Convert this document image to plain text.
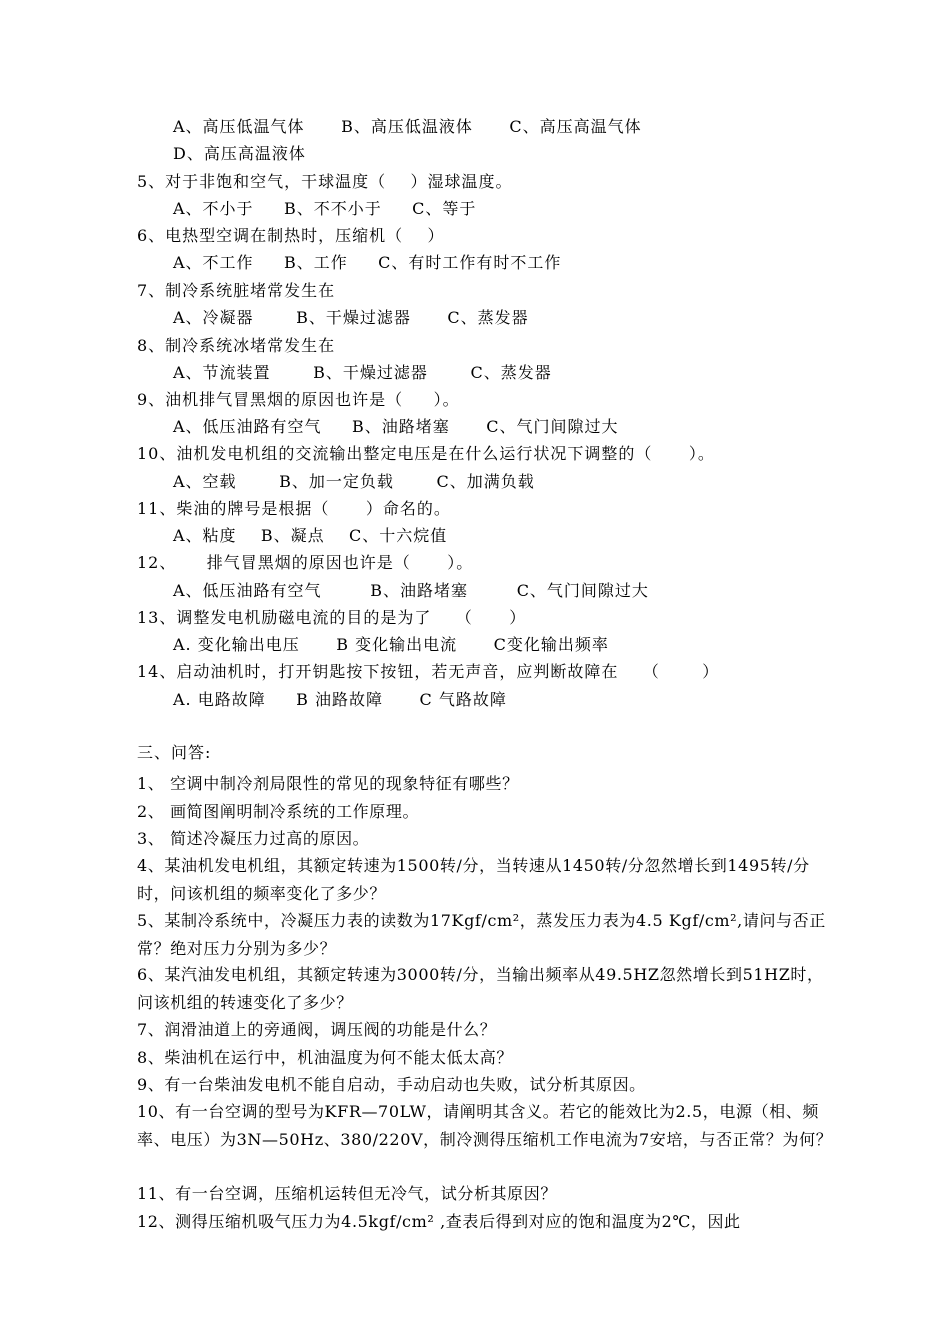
A、高压低温气体      B、高压低温液体      C、高压高温气体
D、高压高温液体
5、对于非饱和空气，干球温度（    ）湿球温度。
A、不小于     B、不不小于     C、等于
6、电热型空调在制热时，压缩机（    ）
A、不工作     B、工作     C、有时工作有时不工作
7、制冷系统脏堵常发生在
A、冷凝器       B、干燥过滤器      C、蒸发器
8、制冷系统冰堵常发生在
A、节流装置       B、干燥过滤器       C、蒸发器
9、油机排气冒黑烟的原因也许是（     ）。
A、低压油路有空气     B、油路堵塞      C、气门间隙过大
10、油机发电机组的交流输出整定电压是在什么运行状况下调整的（      ）。
A、空载       B、加一定负载       C、加满负载
11、柴油的牌号是根据（      ）命名的。
A、粘度    B、凝点    C、十六烷值
12、     排气冒黑烟的原因也许是（      ）。
A、低压油路有空气        B、油路堵塞        C、气门间隙过大
13、调整发电机励磁电流的目的是为了    （      ）
A. 变化输出电压      B 变化输出电流      C变化输出频率
14、启动油机时，打开钥匙按下按钮，若无声音，应判断故障在    （       ）
A. 电路故障     B 油路故障      C 气路故障
三、问答:
1、 空调中制冷剂局限性的常见的现象特征有哪些？
2、 画简图阐明制冷系统的工作原理。
3、 简述冷凝压力过高的原因。
4、某油机发电机组，其额定转速为1500转/分，当转速从1450转/分忽然增长到1495转/分时，问该机组的频率变化了多少？
5、某制冷系统中，冷凝压力表的读数为17Kgf/cm²，蒸发压力表为4.5 Kgf/cm²,请问与否正常？绝对压力分别为多少？
6、某汽油发电机组，其额定转速为3000转/分，当输出频率从49.5HZ忽然增长到51HZ时，问该机组的转速变化了多少？
7、润滑油道上的旁通阀，调压阀的功能是什么？
8、柴油机在运行中，机油温度为何不能太低太高？
9、有一台柴油发电机不能自启动，手动启动也失败，试分析其原因。
10、有一台空调的型号为KFR—70LW，请阐明其含义。若它的能效比为2.5，电源（相、频率、电压）为3N—50Hz、380/220V，制冷测得压缩机工作电流为7安培，与否正常？为何？
11、有一台空调，压缩机运转但无冷气，试分析其原因？
12、测得压缩机吸气压力为4.5kgf/cm² ,查表后得到对应的饱和温度为2℃，因此
